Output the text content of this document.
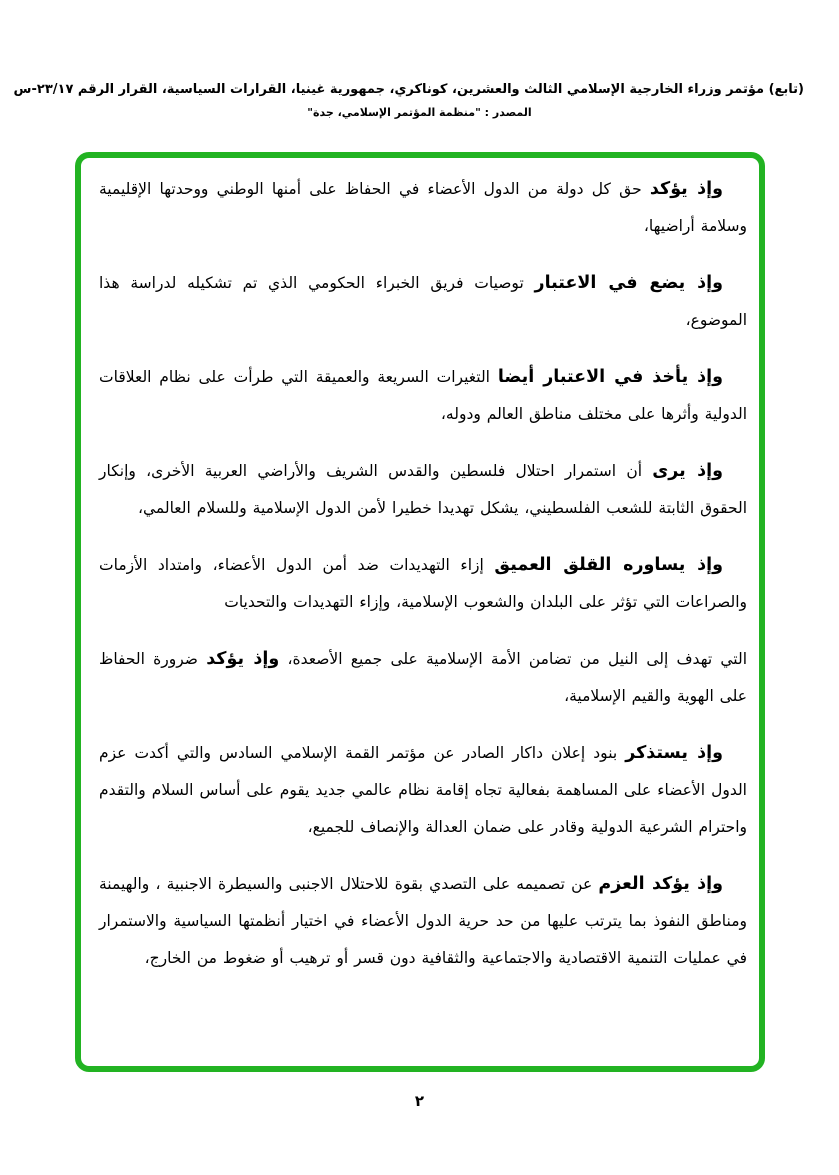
(تابع) مؤتمر وزراء الخارجية الإسلامي الثالث والعشرين، كوناكري، جمهورية غينيا، القرارات السياسية، القرار الرقم ٢٣/١٧-س
المصدر : "منظمة المؤتمر الإسلامي، جدة"

وإذ يؤكد حق كل دولة من الدول الأعضاء في الحفاظ على أمنها الوطني ووحدتها الإقليمية وسلامة أراضيها،

وإذ يضع في الاعتبار توصيات فريق الخبراء الحكومي الذي تم تشكيله لدراسة هذا الموضوع،

وإذ يأخذ في الاعتبار أيضا التغيرات السريعة والعميقة التي طرأت على نظام العلاقات الدولية وأثرها على مختلف مناطق العالم ودوله،

وإذ يرى أن استمرار احتلال فلسطين والقدس الشريف والأراضي العربية الأخرى، وإنكار الحقوق الثابتة للشعب الفلسطيني، يشكل تهديدا خطيرا لأمن الدول الإسلامية وللسلام العالمي،

وإذ يساوره القلق العميق إزاء التهديدات ضد أمن الدول الأعضاء، وامتداد الأزمات والصراعات التي تؤثر على البلدان والشعوب الإسلامية، وإزاء التهديدات والتحديات

التي تهدف إلى النيل من تضامن الأمة الإسلامية على جميع الأصعدة، وإذ يؤكد ضرورة الحفاظ على الهوية والقيم الإسلامية،

وإذ يستذكر بنود إعلان داكار الصادر عن مؤتمر القمة الإسلامي السادس والتي أكدت عزم الدول الأعضاء على المساهمة بفعالية تجاه إقامة نظام عالمي جديد يقوم على أساس السلام والتقدم واحترام الشرعية الدولية وقادر على ضمان العدالة والإنصاف للجميع،

وإذ يؤكد العزم عن تصميمه على التصدي بقوة للاحتلال الاجنبى والسيطرة الاجنبية ، والهيمنة ومناطق النفوذ بما يترتب عليها من حد حرية الدول الأعضاء في اختيار أنظمتها السياسية والاستمرار في عمليات التنمية الاقتصادية والاجتماعية والثقافية دون قسر أو ترهيب أو ضغوط من الخارج،

٢
